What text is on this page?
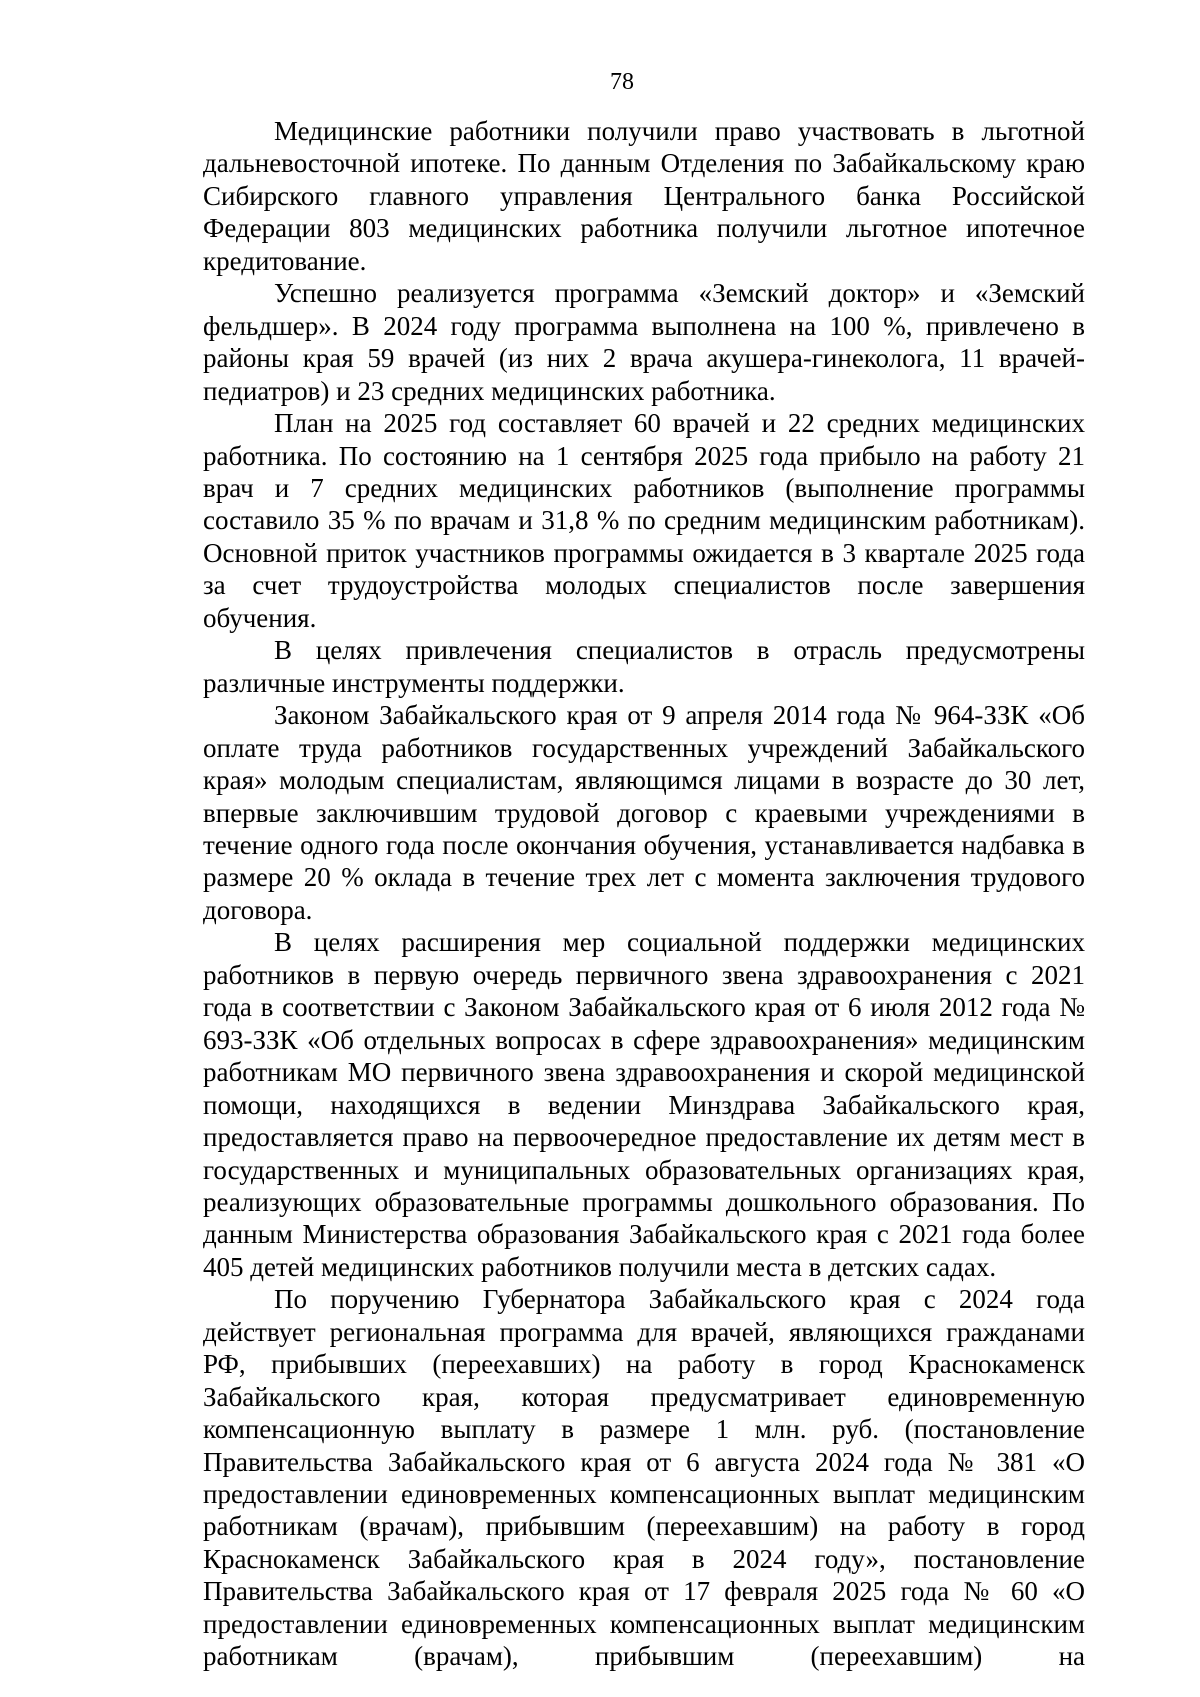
78

Медицинские работники получили право участвовать в льготной дальневосточной ипотеке. По данным Отделения по Забайкальскому краю Сибирского главного управления Центрального банка Российской Федерации 803 медицинских работника получили льготное ипотечное кредитование.

Успешно реализуется программа «Земский доктор» и «Земский фельдшер». В 2024 году программа выполнена на 100 %, привлечено в районы края 59 врачей (из них 2 врача акушера-гинеколога, 11 врачей-педиатров) и 23 средних медицинских работника.

План на 2025 год составляет 60 врачей и 22 средних медицинских работника. По состоянию на 1 сентября 2025 года прибыло на работу 21 врач и 7 средних медицинских работников (выполнение программы составило 35 % по врачам и 31,8 % по средним медицинским работникам). Основной приток участников программы ожидается в 3 квартале 2025 года за счет трудоустройства молодых специалистов после завершения обучения.

В целях привлечения специалистов в отрасль предусмотрены различные инструменты поддержки.

Законом Забайкальского края от 9 апреля 2014 года № 964-ЗЗК «Об оплате труда работников государственных учреждений Забайкальского края» молодым специалистам, являющимся лицами в возрасте до 30 лет, впервые заключившим трудовой договор с краевыми учреждениями в течение одного года после окончания обучения, устанавливается надбавка в размере 20 % оклада в течение трех лет с момента заключения трудового договора.

В целях расширения мер социальной поддержки медицинских работников в первую очередь первичного звена здравоохранения с 2021 года в соответствии с Законом Забайкальского края от 6 июля 2012 года № 693-ЗЗК «Об отдельных вопросах в сфере здравоохранения» медицинским работникам МО первичного звена здравоохранения и скорой медицинской помощи, находящихся в ведении Минздрава Забайкальского края, предоставляется право на первоочередное предоставление их детям мест в государственных и муниципальных образовательных организациях края, реализующих образовательные программы дошкольного образования. По данным Министерства образования Забайкальского края с 2021 года более 405 детей медицинских работников получили места в детских садах.

По поручению Губернатора Забайкальского края с 2024 года действует региональная программа для врачей, являющихся гражданами РФ, прибывших (переехавших) на работу в город Краснокаменск Забайкальского края, которая предусматривает единовременную компенсационную выплату в размере 1 млн. руб. (постановление Правительства Забайкальского края от 6 августа 2024 года № 381 «О предоставлении единовременных компенсационных выплат медицинским работникам (врачам), прибывшим (переехавшим) на работу в город Краснокаменск Забайкальского края в 2024 году», постановление Правительства Забайкальского края от 17 февраля 2025 года № 60 «О предоставлении единовременных компенсационных выплат медицинским работникам (врачам), прибывшим (переехавшим) на
